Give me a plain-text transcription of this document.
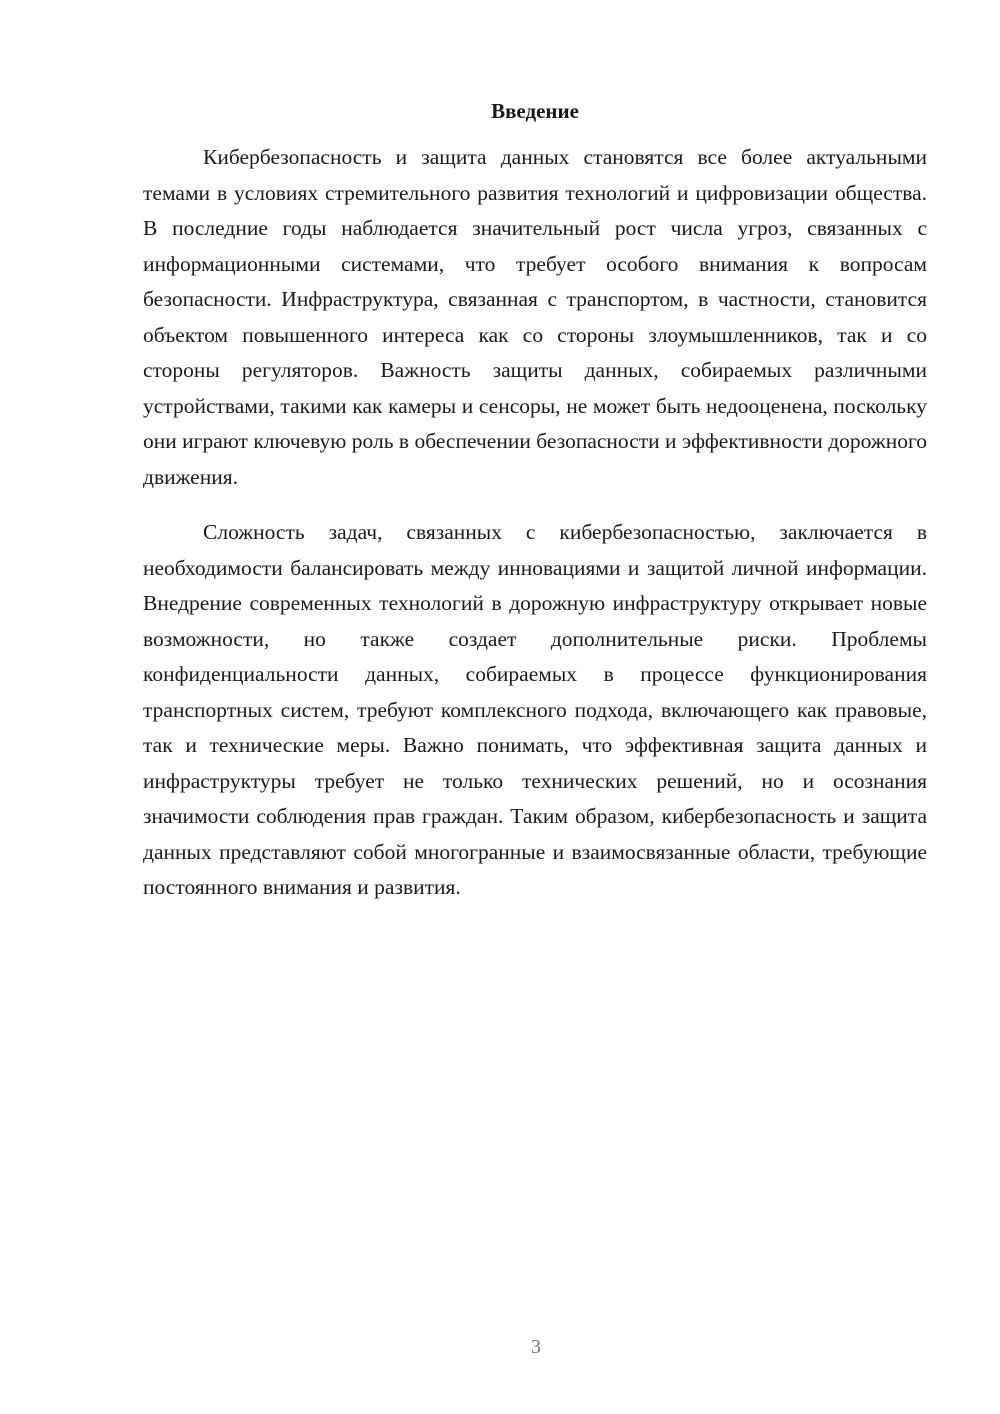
Введение

Кибербезопасность и защита данных становятся все более актуальными темами в условиях стремительного развития технологий и цифровизации общества. В последние годы наблюдается значительный рост числа угроз, связанных с информационными системами, что требует особого внимания к вопросам безопасности. Инфраструктура, связанная с транспортом, в частности, становится объектом повышенного интереса как со стороны злоумышленников, так и со стороны регуляторов. Важность защиты данных, собираемых различными устройствами, такими как камеры и сенсоры, не может быть недооценена, поскольку они играют ключевую роль в обеспечении безопасности и эффективности дорожного движения.

Сложность задач, связанных с кибербезопасностью, заключается в необходимости балансировать между инновациями и защитой личной информации. Внедрение современных технологий в дорожную инфраструктуру открывает новые возможности, но также создает дополнительные риски. Проблемы конфиденциальности данных, собираемых в процессе функционирования транспортных систем, требуют комплексного подхода, включающего как правовые, так и технические меры. Важно понимать, что эффективная защита данных и инфраструктуры требует не только технических решений, но и осознания значимости соблюдения прав граждан. Таким образом, кибербезопасность и защита данных представляют собой многогранные и взаимосвязанные области, требующие постоянного внимания и развития.

3
